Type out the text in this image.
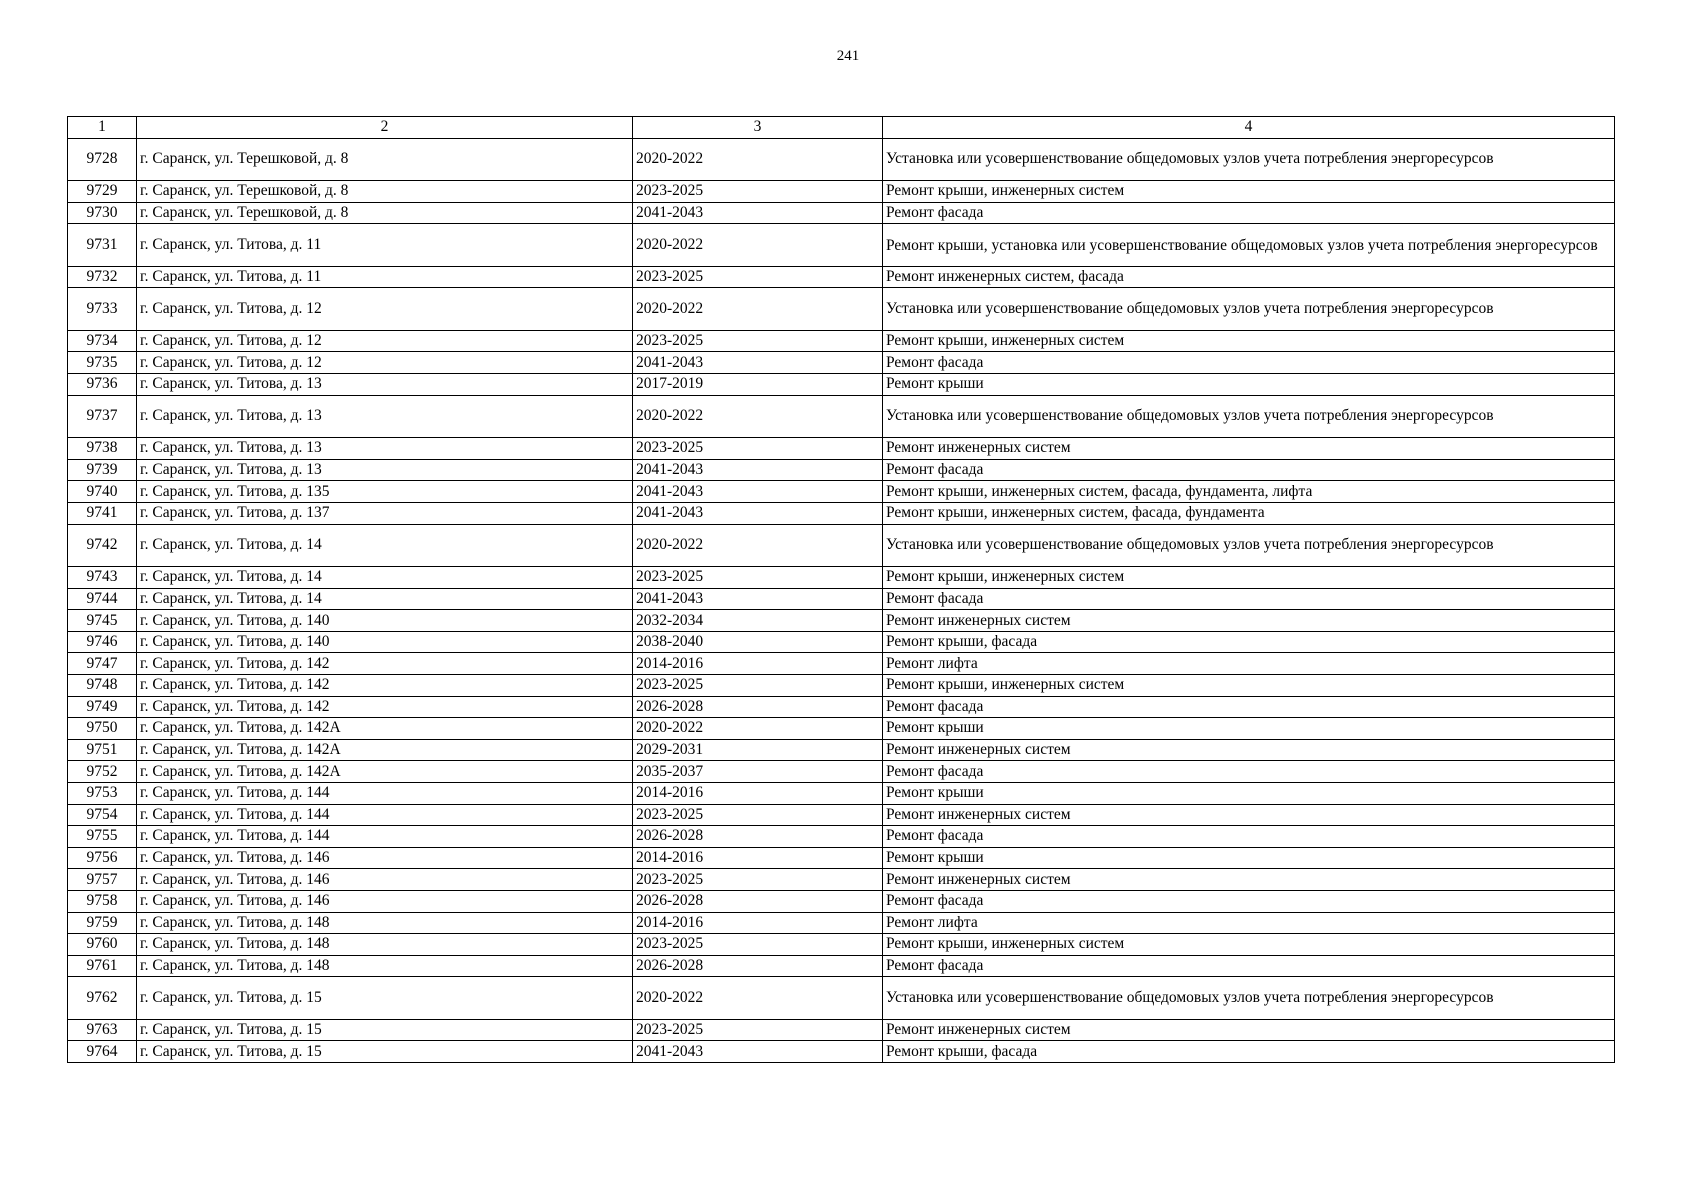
241
1	2	3	4
9728	г. Саранск, ул. Терешковой, д. 8	2020-2022	Установка или усовершенствование общедомовых узлов учета потребления энергоресурсов
9729	г. Саранск, ул. Терешковой, д. 8	2023-2025	Ремонт крыши, инженерных систем
9730	г. Саранск, ул. Терешковой, д. 8	2041-2043	Ремонт фасада
9731	г. Саранск, ул. Титова, д. 11	2020-2022	Ремонт крыши, установка или усовершенствование общедомовых узлов учета потребления энергоресурсов
9732	г. Саранск, ул. Титова, д. 11	2023-2025	Ремонт инженерных систем, фасада
9733	г. Саранск, ул. Титова, д. 12	2020-2022	Установка или усовершенствование общедомовых узлов учета потребления энергоресурсов
9734	г. Саранск, ул. Титова, д. 12	2023-2025	Ремонт крыши, инженерных систем
9735	г. Саранск, ул. Титова, д. 12	2041-2043	Ремонт фасада
9736	г. Саранск, ул. Титова, д. 13	2017-2019	Ремонт крыши
9737	г. Саранск, ул. Титова, д. 13	2020-2022	Установка или усовершенствование общедомовых узлов учета потребления энергоресурсов
9738	г. Саранск, ул. Титова, д. 13	2023-2025	Ремонт инженерных систем
9739	г. Саранск, ул. Титова, д. 13	2041-2043	Ремонт фасада
9740	г. Саранск, ул. Титова, д. 135	2041-2043	Ремонт крыши, инженерных систем, фасада, фундамента, лифта
9741	г. Саранск, ул. Титова, д. 137	2041-2043	Ремонт крыши, инженерных систем, фасада, фундамента
9742	г. Саранск, ул. Титова, д. 14	2020-2022	Установка или усовершенствование общедомовых узлов учета потребления энергоресурсов
9743	г. Саранск, ул. Титова, д. 14	2023-2025	Ремонт крыши, инженерных систем
9744	г. Саранск, ул. Титова, д. 14	2041-2043	Ремонт фасада
9745	г. Саранск, ул. Титова, д. 140	2032-2034	Ремонт инженерных систем
9746	г. Саранск, ул. Титова, д. 140	2038-2040	Ремонт крыши, фасада
9747	г. Саранск, ул. Титова, д. 142	2014-2016	Ремонт лифта
9748	г. Саранск, ул. Титова, д. 142	2023-2025	Ремонт крыши, инженерных систем
9749	г. Саранск, ул. Титова, д. 142	2026-2028	Ремонт фасада
9750	г. Саранск, ул. Титова, д. 142А	2020-2022	Ремонт крыши
9751	г. Саранск, ул. Титова, д. 142А	2029-2031	Ремонт инженерных систем
9752	г. Саранск, ул. Титова, д. 142А	2035-2037	Ремонт фасада
9753	г. Саранск, ул. Титова, д. 144	2014-2016	Ремонт крыши
9754	г. Саранск, ул. Титова, д. 144	2023-2025	Ремонт инженерных систем
9755	г. Саранск, ул. Титова, д. 144	2026-2028	Ремонт фасада
9756	г. Саранск, ул. Титова, д. 146	2014-2016	Ремонт крыши
9757	г. Саранск, ул. Титова, д. 146	2023-2025	Ремонт инженерных систем
9758	г. Саранск, ул. Титова, д. 146	2026-2028	Ремонт фасада
9759	г. Саранск, ул. Титова, д. 148	2014-2016	Ремонт лифта
9760	г. Саранск, ул. Титова, д. 148	2023-2025	Ремонт крыши, инженерных систем
9761	г. Саранск, ул. Титова, д. 148	2026-2028	Ремонт фасада
9762	г. Саранск, ул. Титова, д. 15	2020-2022	Установка или усовершенствование общедомовых узлов учета потребления энергоресурсов
9763	г. Саранск, ул. Титова, д. 15	2023-2025	Ремонт инженерных систем
9764	г. Саранск, ул. Титова, д. 15	2041-2043	Ремонт крыши, фасада
